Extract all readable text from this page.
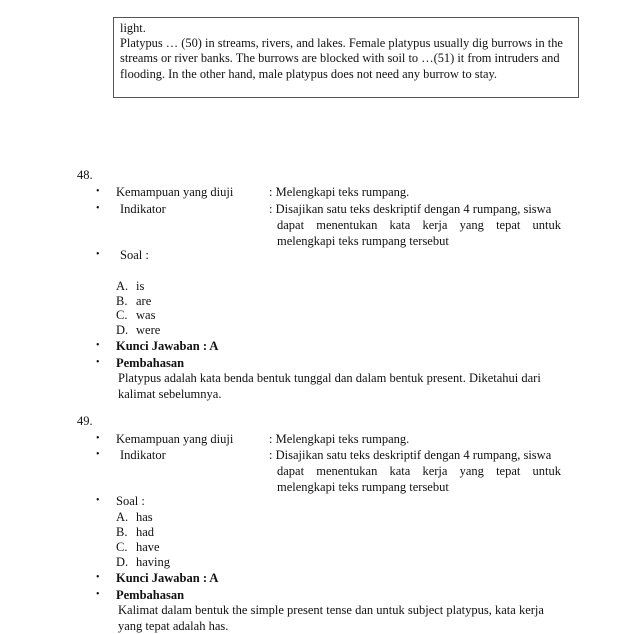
light.

Platypus … (50) in streams, rivers, and lakes. Female platypus usually dig burrows in the streams or river banks. The burrows are blocked with soil to …(51) it from intruders and flooding. In the other hand, male platypus does not need any burrow to stay.

48.
• Kemampuan yang diuji	: Melengkapi teks rumpang.
• Indikator	: Disajikan satu teks deskriptif dengan 4 rumpang, siswa
dapat menentukan kata kerja yang tepat untuk melengkapi teks rumpang tersebut
• Soal :
A. is
B. are
C. was
D. were
• Kunci Jawaban : A
• Pembahasan
Platypus adalah kata benda bentuk tunggal dan dalam bentuk present. Diketahui dari kalimat sebelumnya.
49.
• Kemampuan yang diuji	: Melengkapi teks rumpang.
• Indikator	: Disajikan satu teks deskriptif dengan 4 rumpang, siswa
dapat menentukan kata kerja yang tepat untuk melengkapi teks rumpang tersebut
• Soal :
A. has
B. had
C. have
D. having
• Kunci Jawaban : A
• Pembahasan
Kalimat dalam bentuk the simple present tense dan untuk subject platypus, kata kerja yang tepat adalah has.
